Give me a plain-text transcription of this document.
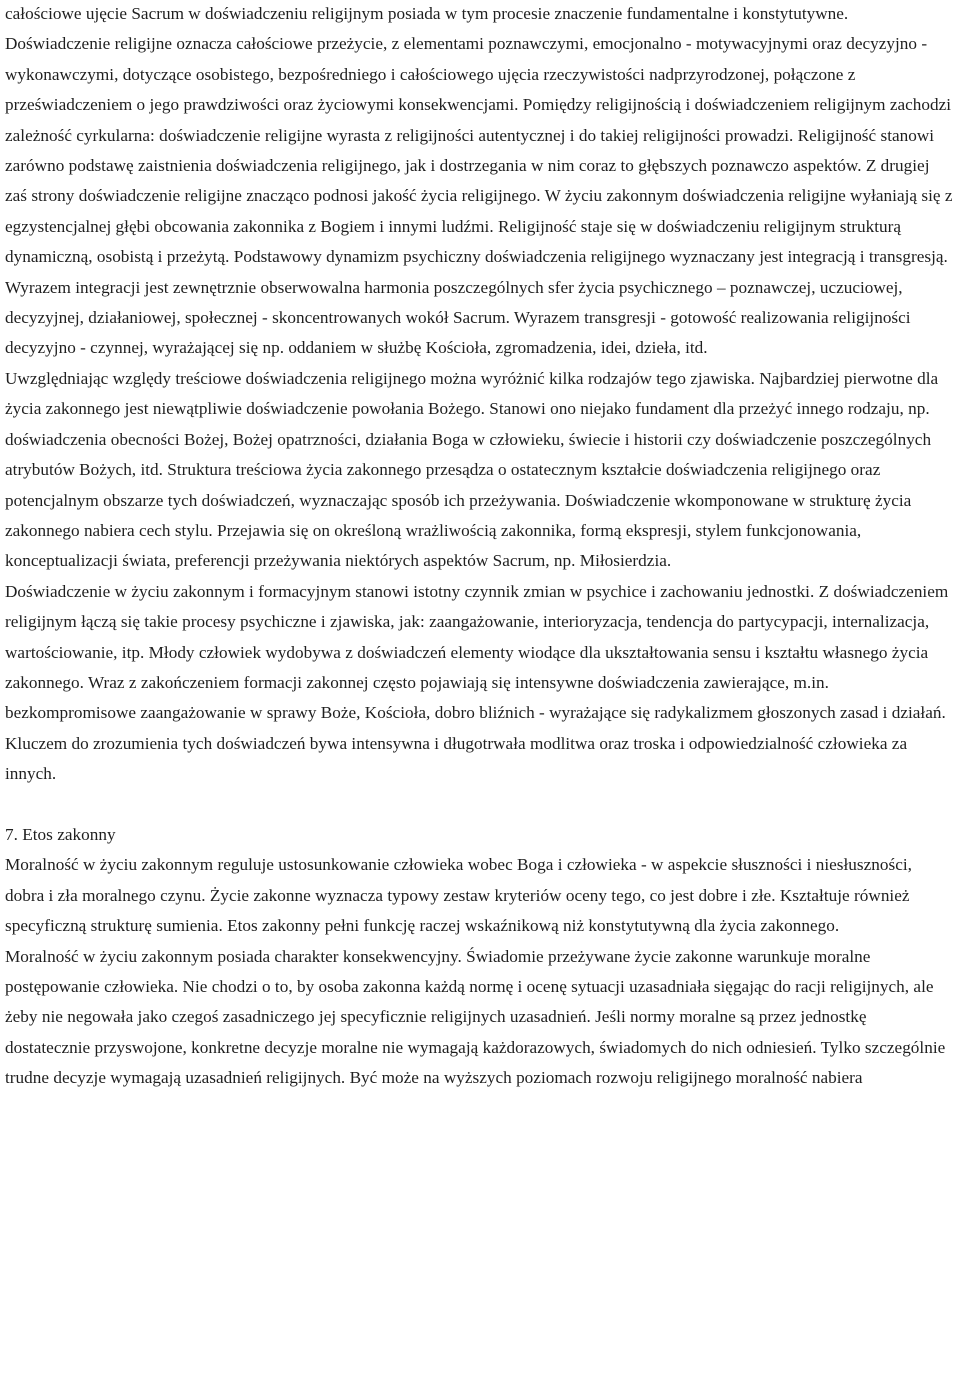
całościowe ujęcie Sacrum w doświadczeniu religijnym posiada w tym procesie znaczenie fundamentalne i konstytutywne.

Doświadczenie religijne oznacza całościowe przeżycie, z elementami poznawczymi, emocjonalno - motywacyjnymi oraz decyzyjno - wykonawczymi, dotyczące osobistego, bezpośredniego i całościowego ujęcia rzeczywistości nadprzyrodzonej, połączone z przeświadczeniem o jego prawdziwości oraz życiowymi konsekwencjami. Pomiędzy religijnością i doświadczeniem religijnym zachodzi zależność cyrkularna: doświadczenie religijne wyrasta z religijności autentycznej i do takiej religijności prowadzi. Religijność stanowi zarówno podstawę zaistnienia doświadczenia religijnego, jak i dostrzegania w nim coraz to głębszych poznawczo aspektów. Z drugiej zaś strony doświadczenie religijne znacząco podnosi jakość życia religijnego. W życiu zakonnym doświadczenia religijne wyłaniają się z egzystencjalnej głębi obcowania zakonnika z Bogiem i innymi ludźmi. Religijność staje się w doświadczeniu religijnym strukturą dynamiczną, osobistą i przeżytą. Podstawowy dynamizm psychiczny doświadczenia religijnego wyznaczany jest integracją i transgresją. Wyrazem integracji jest zewnętrznie obserwowalna harmonia poszczególnych sfer życia psychicznego – poznawczej, uczuciowej, decyzyjnej, działaniowej, społecznej - skoncentrowanych wokół Sacrum. Wyrazem transgresji - gotowość realizowania religijności decyzyjno - czynnej, wyrażającej się np. oddaniem w służbę Kościoła, zgromadzenia, idei, dzieła, itd.

Uwzględniając względy treściowe doświadczenia religijnego można wyróżnić kilka rodzajów tego zjawiska. Najbardziej pierwotne dla życia zakonnego jest niewątpliwie doświadczenie powołania Bożego. Stanowi ono niejako fundament dla przeżyć innego rodzaju, np. doświadczenia obecności Bożej, Bożej opatrzności, działania Boga w człowieku, świecie i historii czy doświadczenie poszczególnych atrybutów Bożych, itd. Struktura treściowa życia zakonnego przesądza o ostatecznym kształcie doświadczenia religijnego oraz potencjalnym obszarze tych doświadczeń, wyznaczając sposób ich przeżywania. Doświadczenie wkomponowane w strukturę życia zakonnego nabiera cech stylu. Przejawia się on określoną wrażliwością zakonnika, formą ekspresji, stylem funkcjonowania, konceptualizacji świata, preferencji przeżywania niektórych aspektów Sacrum, np. Miłosierdzia.

Doświadczenie w życiu zakonnym i formacyjnym stanowi istotny czynnik zmian w psychice i zachowaniu jednostki. Z doświadczeniem religijnym łączą się takie procesy psychiczne i zjawiska, jak: zaangażowanie, interioryzacja, tendencja do partycypacji, internalizacja, wartościowanie, itp. Młody człowiek wydobywa z doświadczeń elementy wiodące dla ukształtowania sensu i kształtu własnego życia zakonnego. Wraz z zakończeniem formacji zakonnej często pojawiają się intensywne doświadczenia zawierające, m.in. bezkompromisowe zaangażowanie w sprawy Boże, Kościoła, dobro bliźnich - wyrażające się radykalizmem głoszonych zasad i działań. Kluczem do zrozumienia tych doświadczeń bywa intensywna i długotrwała modlitwa oraz troska i odpowiedzialność człowieka za innych.

7. Etos zakonny

Moralność w życiu zakonnym reguluje ustosunkowanie człowieka wobec Boga i człowieka - w aspekcie słuszności i niesłuszności, dobra i zła moralnego czynu. Życie zakonne wyznacza typowy zestaw kryteriów oceny tego, co jest dobre i złe. Kształtuje również specyficzną strukturę sumienia. Etos zakonny pełni funkcję raczej wskaźnikową niż konstytutywną dla życia zakonnego.

Moralność w życiu zakonnym posiada charakter konsekwencyjny. Świadomie przeżywane życie zakonne warunkuje moralne postępowanie człowieka. Nie chodzi o to, by osoba zakonna każdą normę i ocenę sytuacji uzasadniała sięgając do racji religijnych, ale żeby nie negowała jako czegoś zasadniczego jej specyficznie religijnych uzasadnień. Jeśli normy moralne są przez jednostkę dostatecznie przyswojone, konkretne decyzje moralne nie wymagają każdorazowych, świadomych do nich odniesień. Tylko szczególnie trudne decyzje wymagają uzasadnień religijnych. Być może na wyższych poziomach rozwoju religijnego moralność nabiera
